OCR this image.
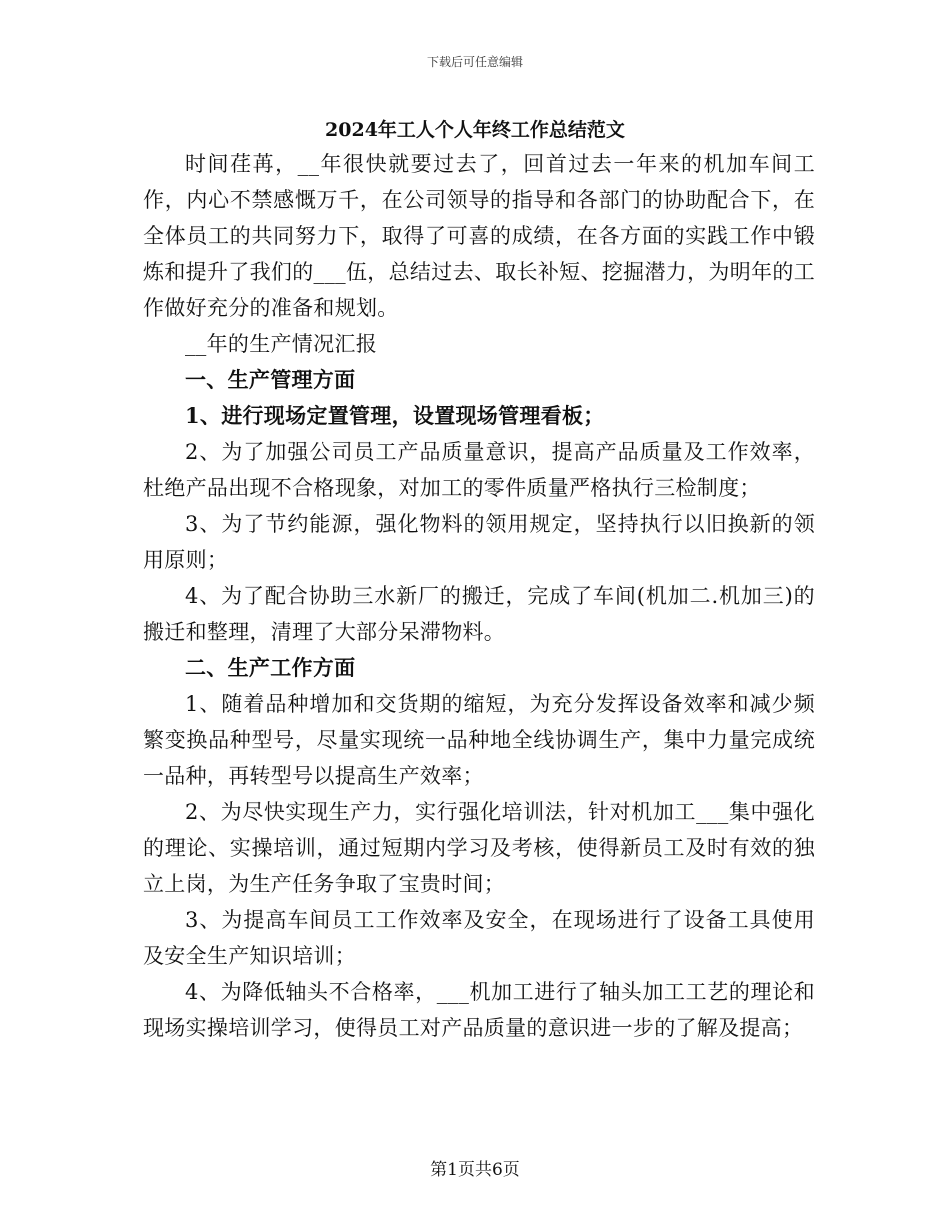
下载后可任意编辑
2024年工人个人年终工作总结范文

时间荏苒，__年很快就要过去了，回首过去一年来的机加车间工作，内心不禁感慨万千，在公司领导的指导和各部门的协助配合下，在全体员工的共同努力下，取得了可喜的成绩，在各方面的实践工作中锻炼和提升了我们的___伍，总结过去、取长补短、挖掘潜力，为明年的工作做好充分的准备和规划。

__年的生产情况汇报

一、生产管理方面

1、进行现场定置管理，设置现场管理看板；

2、为了加强公司员工产品质量意识，提高产品质量及工作效率，杜绝产品出现不合格现象，对加工的零件质量严格执行三检制度；

3、为了节约能源，强化物料的领用规定，坚持执行以旧换新的领用原则；

4、为了配合协助三水新厂的搬迁，完成了车间(机加二.机加三)的搬迁和整理，清理了大部分呆滞物料。

二、生产工作方面

1、随着品种增加和交货期的缩短，为充分发挥设备效率和减少频繁变换品种型号，尽量实现统一品种地全线协调生产，集中力量完成统一品种，再转型号以提高生产效率；

2、为尽快实现生产力，实行强化培训法，针对机加工___集中强化的理论、实操培训，通过短期内学习及考核，使得新员工及时有效的独立上岗，为生产任务争取了宝贵时间；

3、为提高车间员工工作效率及安全，在现场进行了设备工具使用及安全生产知识培训；

4、为降低轴头不合格率，___机加工进行了轴头加工工艺的理论和现场实操培训学习，使得员工对产品质量的意识进一步的了解及提高；

第1页共6页
